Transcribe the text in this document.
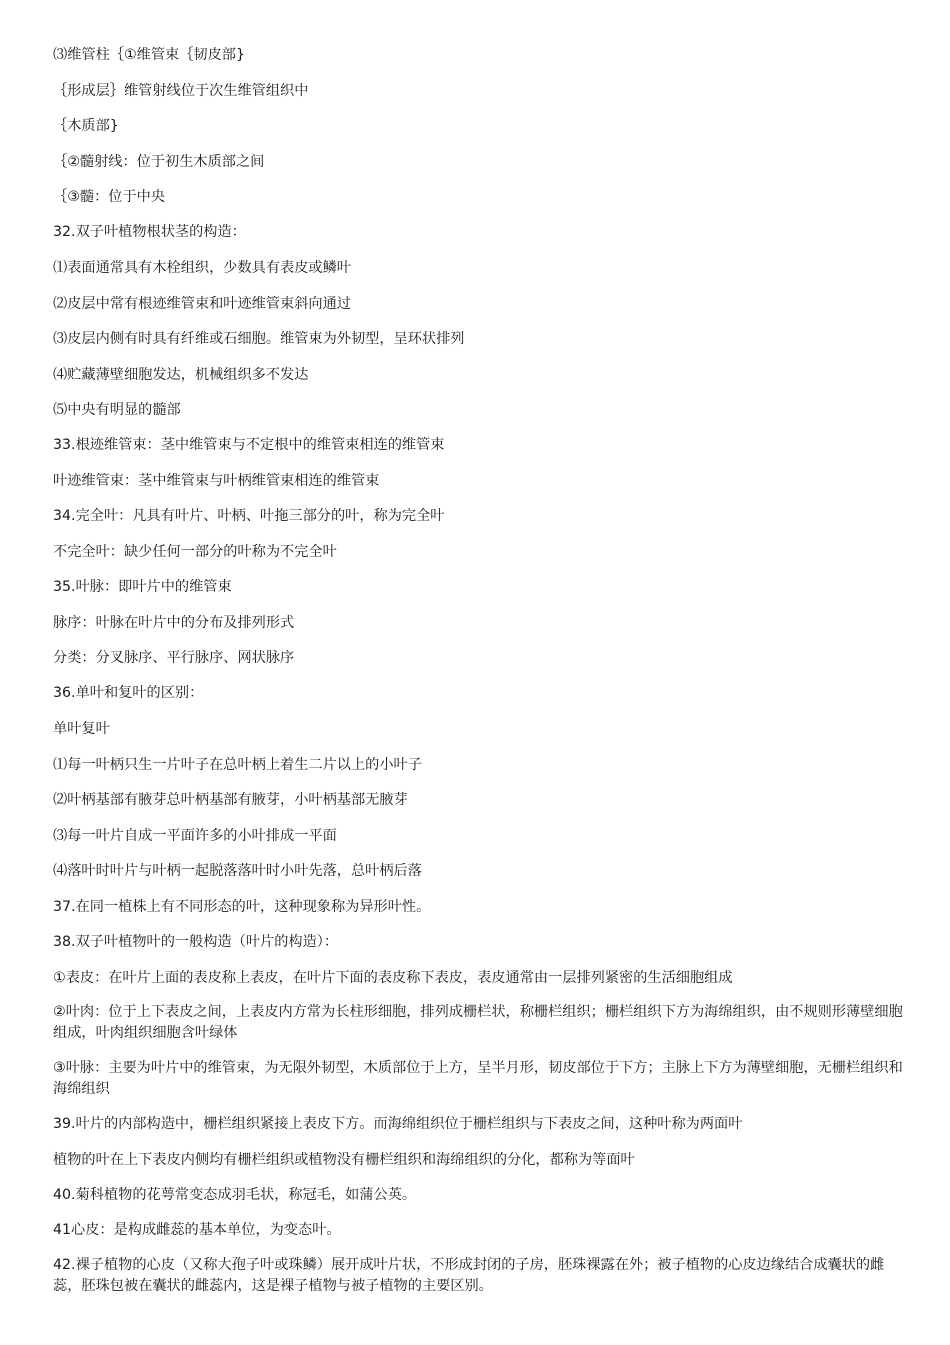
⑶维管柱｛①维管束｛韧皮部}
｛形成层｝维管射线位于次生维管组织中
｛木质部}
｛②髓射线：位于初生木质部之间
｛③髓：位于中央
32.双子叶植物根状茎的构造：
⑴表面通常具有木栓组织，少数具有表皮或鳞叶
⑵皮层中常有根迹维管束和叶迹维管束斜向通过
⑶皮层内侧有时具有纤维或石细胞。维管束为外韧型，呈环状排列
⑷贮藏薄壁细胞发达，机械组织多不发达
⑸中央有明显的髓部
33.根迹维管束：茎中维管束与不定根中的维管束相连的维管束
叶迹维管束：茎中维管束与叶柄维管束相连的维管束
34.完全叶：凡具有叶片、叶柄、叶拖三部分的叶，称为完全叶
不完全叶：缺少任何一部分的叶称为不完全叶
35.叶脉：即叶片中的维管束
脉序：叶脉在叶片中的分布及排列形式
分类：分叉脉序、平行脉序、网状脉序
36.单叶和复叶的区别：
单叶复叶
⑴每一叶柄只生一片叶子在总叶柄上着生二片以上的小叶子
⑵叶柄基部有腋芽总叶柄基部有腋芽，小叶柄基部无腋芽
⑶每一叶片自成一平面许多的小叶排成一平面
⑷落叶时叶片与叶柄一起脱落落叶时小叶先落，总叶柄后落
37.在同一植株上有不同形态的叶，这种现象称为异形叶性。
38.双子叶植物叶的一般构造（叶片的构造）：
①表皮：在叶片上面的表皮称上表皮，在叶片下面的表皮称下表皮，表皮通常由一层排列紧密的生活细胞组成
②叶肉：位于上下表皮之间，上表皮内方常为长柱形细胞，排列成栅栏状，称栅栏组织；栅栏组织下方为海绵组织，由不规则形薄壁细胞组成，叶肉组织细胞含叶绿体
③叶脉：主要为叶片中的维管束，为无限外韧型，木质部位于上方，呈半月形，韧皮部位于下方；主脉上下方为薄壁细胞，无栅栏组织和海绵组织
39.叶片的内部构造中，栅栏组织紧接上表皮下方。而海绵组织位于栅栏组织与下表皮之间，这种叶称为两面叶
植物的叶在上下表皮内侧均有栅栏组织或植物没有栅栏组织和海绵组织的分化，都称为等面叶
40.菊科植物的花萼常变态成羽毛状，称冠毛，如蒲公英。
41心皮：是构成雌蕊的基本单位，为变态叶。
42.裸子植物的心皮（又称大孢子叶或珠鳞）展开成叶片状，不形成封闭的子房，胚珠裸露在外；被子植物的心皮边缘结合成囊状的雌蕊，胚珠包被在囊状的雌蕊内，这是裸子植物与被子植物的主要区别。
